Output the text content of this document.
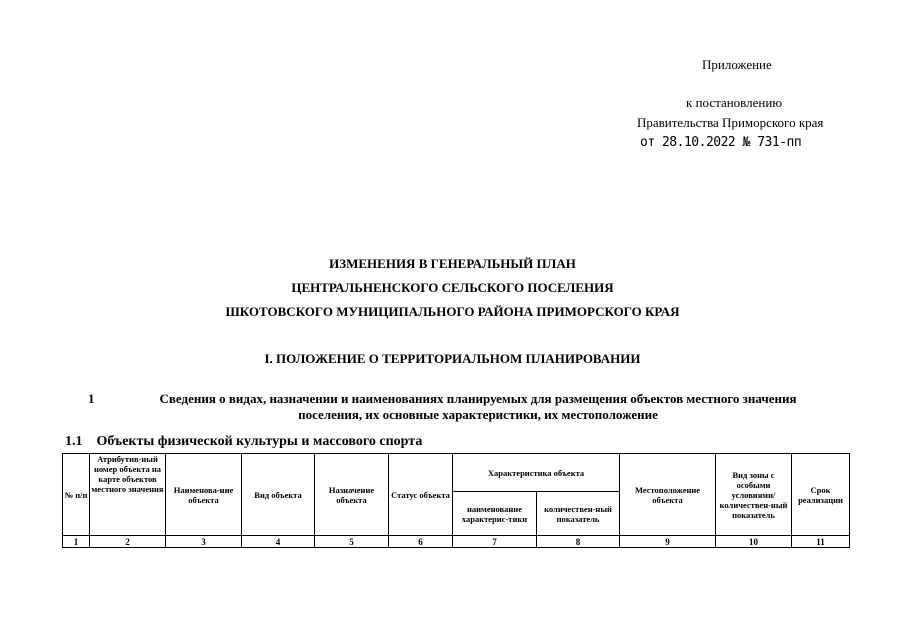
Приложение
к постановлению
Правительства Приморского края
от 28.10.2022 № 731-пп
ИЗМЕНЕНИЯ В ГЕНЕРАЛЬНЫЙ ПЛАН
ЦЕНТРАЛЬНЕНСКОГО СЕЛЬСКОГО ПОСЕЛЕНИЯ
ШКОТОВСКОГО МУНИЦИПАЛЬНОГО РАЙОНА ПРИМОРСКОГО КРАЯ
I. ПОЛОЖЕНИЕ О ТЕРРИТОРИАЛЬНОМ ПЛАНИРОВАНИИ
1	Сведения о видах, назначении и наименованиях планируемых для размещения объектов местного значения
поселения, их основные характеристики, их местоположение
1.1 Объекты физической культуры и массового спорта
№ п/п	Атрибутив-ный номер объекта на карте объектов местного значения	Наименова-ние объекта	Вид объекта	Назначение объекта	Статус объекта	Характеристика объекта		Местоположение объекта	Вид зоны с особыми условиями/ количествен-ный показатель	Срок реализации
						наименование характерис-тики	количествен-ный показатель			
1	2	3	4	5	6	7	8	9	10	11
